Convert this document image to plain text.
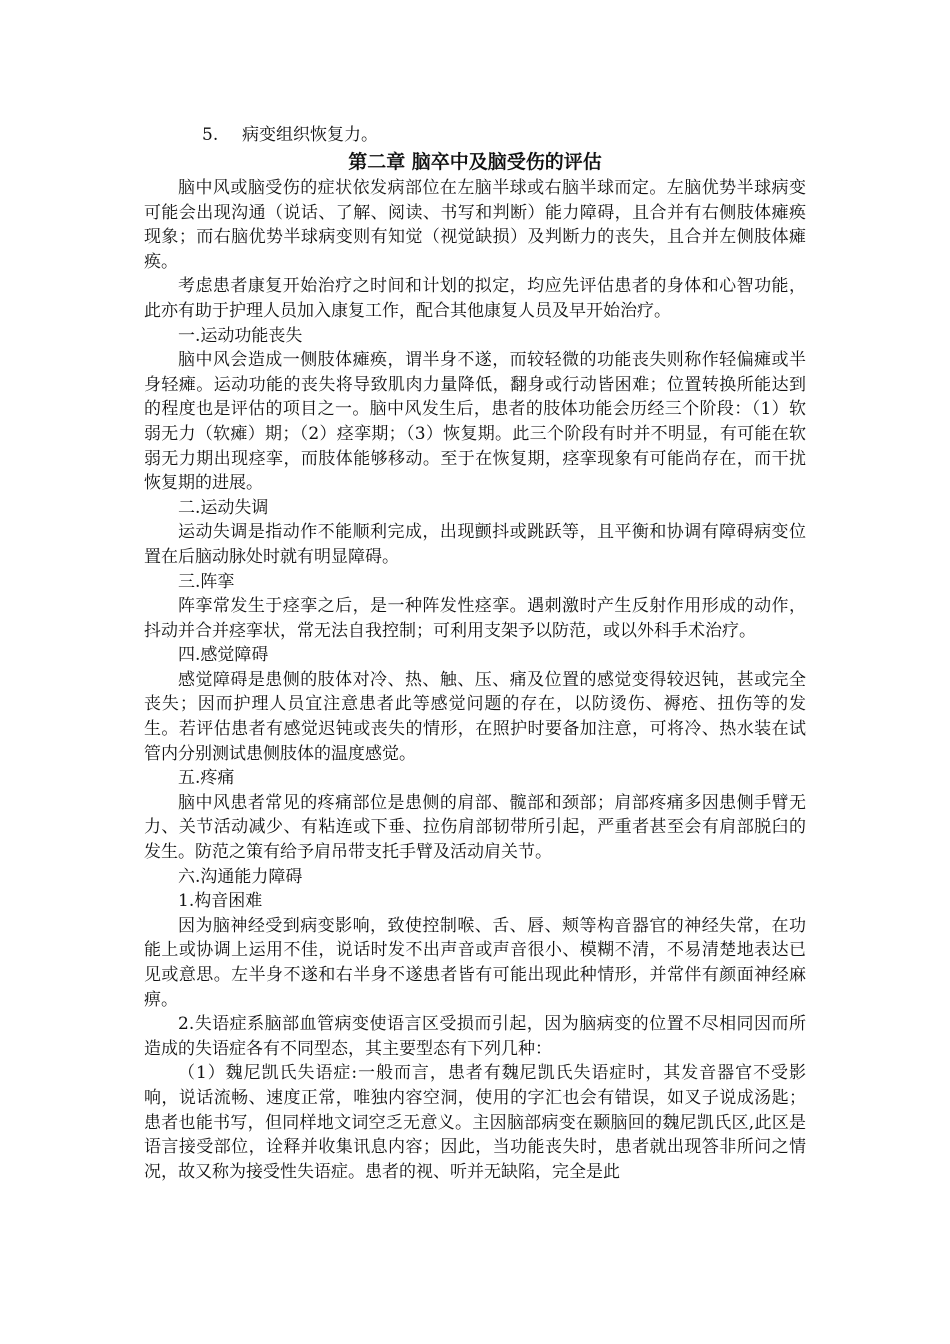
5. 病变组织恢复力。
第二章 脑卒中及脑受伤的评估

脑中风或脑受伤的症状依发病部位在左脑半球或右脑半球而定。左脑优势半球病变可能会出现沟通（说话、了解、阅读、书写和判断）能力障碍，且合并有右侧肢体瘫痪现象；而右脑优势半球病变则有知觉（视觉缺损）及判断力的丧失，且合并左侧肢体瘫痪。

考虑患者康复开始治疗之时间和计划的拟定，均应先评估患者的身体和心智功能，此亦有助于护理人员加入康复工作，配合其他康复人员及早开始治疗。

一.运动功能丧失

脑中风会造成一侧肢体瘫痪，谓半身不遂，而较轻微的功能丧失则称作轻偏瘫或半身轻瘫。运动功能的丧失将导致肌肉力量降低，翻身或行动皆困难；位置转换所能达到的程度也是评估的项目之一。脑中风发生后，患者的肢体功能会历经三个阶段：（1）软弱无力（软瘫）期；（2）痉挛期；（3）恢复期。此三个阶段有时并不明显，有可能在软弱无力期出现痉挛，而肢体能够移动。至于在恢复期，痉挛现象有可能尚存在，而干扰恢复期的进展。

二.运动失调

运动失调是指动作不能顺利完成，出现颤抖或跳跃等，且平衡和协调有障碍病变位置在后脑动脉处时就有明显障碍。

三.阵挛

阵挛常发生于痉挛之后，是一种阵发性痉挛。遇刺激时产生反射作用形成的动作，抖动并合并痉挛状，常无法自我控制；可利用支架予以防范，或以外科手术治疗。

四.感觉障碍

感觉障碍是患侧的肢体对冷、热、触、压、痛及位置的感觉变得较迟钝，甚或完全丧失；因而护理人员宜注意患者此等感觉问题的存在，以防烫伤、褥疮、扭伤等的发生。若评估患者有感觉迟钝或丧失的情形，在照护时要备加注意，可将冷、热水装在试管内分别测试患侧肢体的温度感觉。

五.疼痛

脑中风患者常见的疼痛部位是患侧的肩部、髋部和颈部；肩部疼痛多因患侧手臂无力、关节活动减少、有粘连或下垂、拉伤肩部韧带所引起，严重者甚至会有肩部脱臼的发生。防范之策有给予肩吊带支托手臂及活动肩关节。

六.沟通能力障碍

1.构音困难

因为脑神经受到病变影响，致使控制喉、舌、唇、颊等构音器官的神经失常，在功能上或协调上运用不佳，说话时发不出声音或声音很小、模糊不清，不易清楚地表达已见或意思。左半身不遂和右半身不遂患者皆有可能出现此种情形，并常伴有颜面神经麻痹。

2.失语症系脑部血管病变使语言区受损而引起，因为脑病变的位置不尽相同因而所造成的失语症各有不同型态，其主要型态有下列几种：

（1）魏尼凯氏失语症:一般而言，患者有魏尼凯氏失语症时，其发音器官不受影响，说话流畅、速度正常，唯独内容空洞，使用的字汇也会有错误，如叉子说成汤匙；患者也能书写，但同样地文词空乏无意义。主因脑部病变在颞脑回的魏尼凯氏区,此区是语言接受部位，诠释并收集讯息内容；因此，当功能丧失时，患者就出现答非所问之情况，故又称为接受性失语症。患者的视、听并无缺陷，完全是此
